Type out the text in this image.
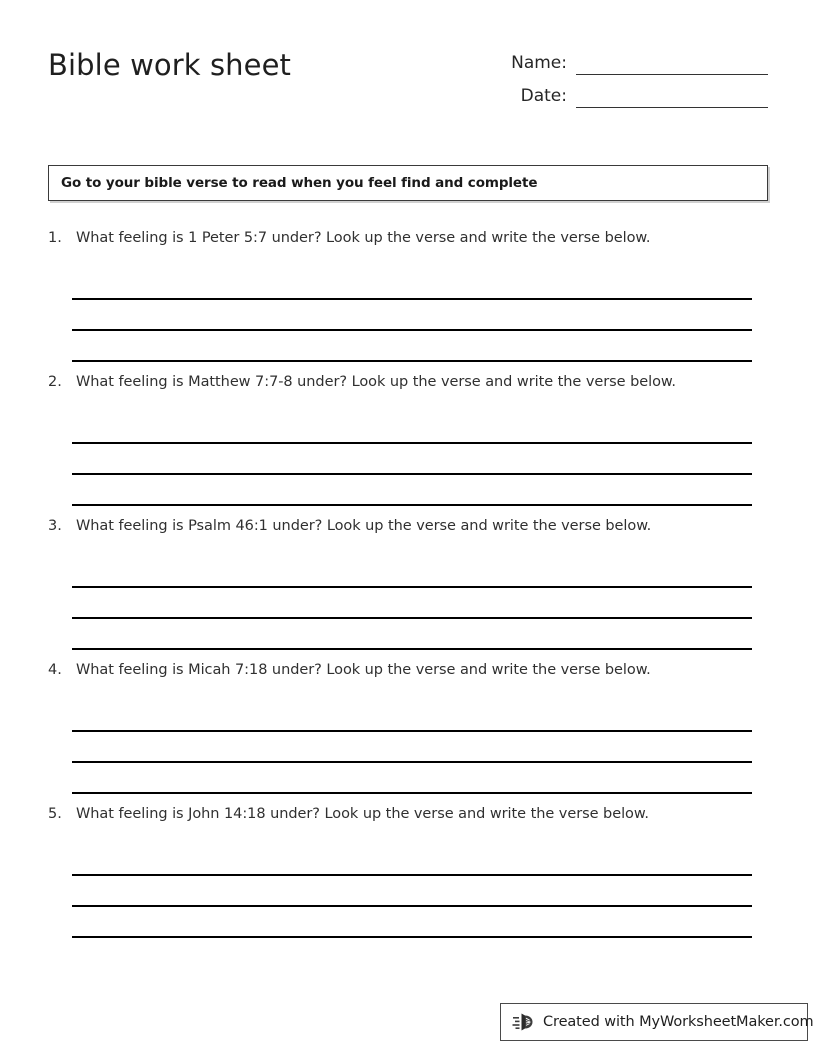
Bible work sheet	Name:
Date:
Go to your bible verse to read when you feel find and complete
1. What feeling is 1 Peter 5:7 under? Look up the verse and write the verse below.
2. What feeling is Matthew 7:7-8 under? Look up the verse and write the verse below.
3. What feeling is Psalm 46:1 under? Look up the verse and write the verse below.
4. What feeling is Micah 7:18 under? Look up the verse and write the verse below.
5. What feeling is John 14:18 under? Look up the verse and write the verse below.
Created with MyWorksheetMaker.com
